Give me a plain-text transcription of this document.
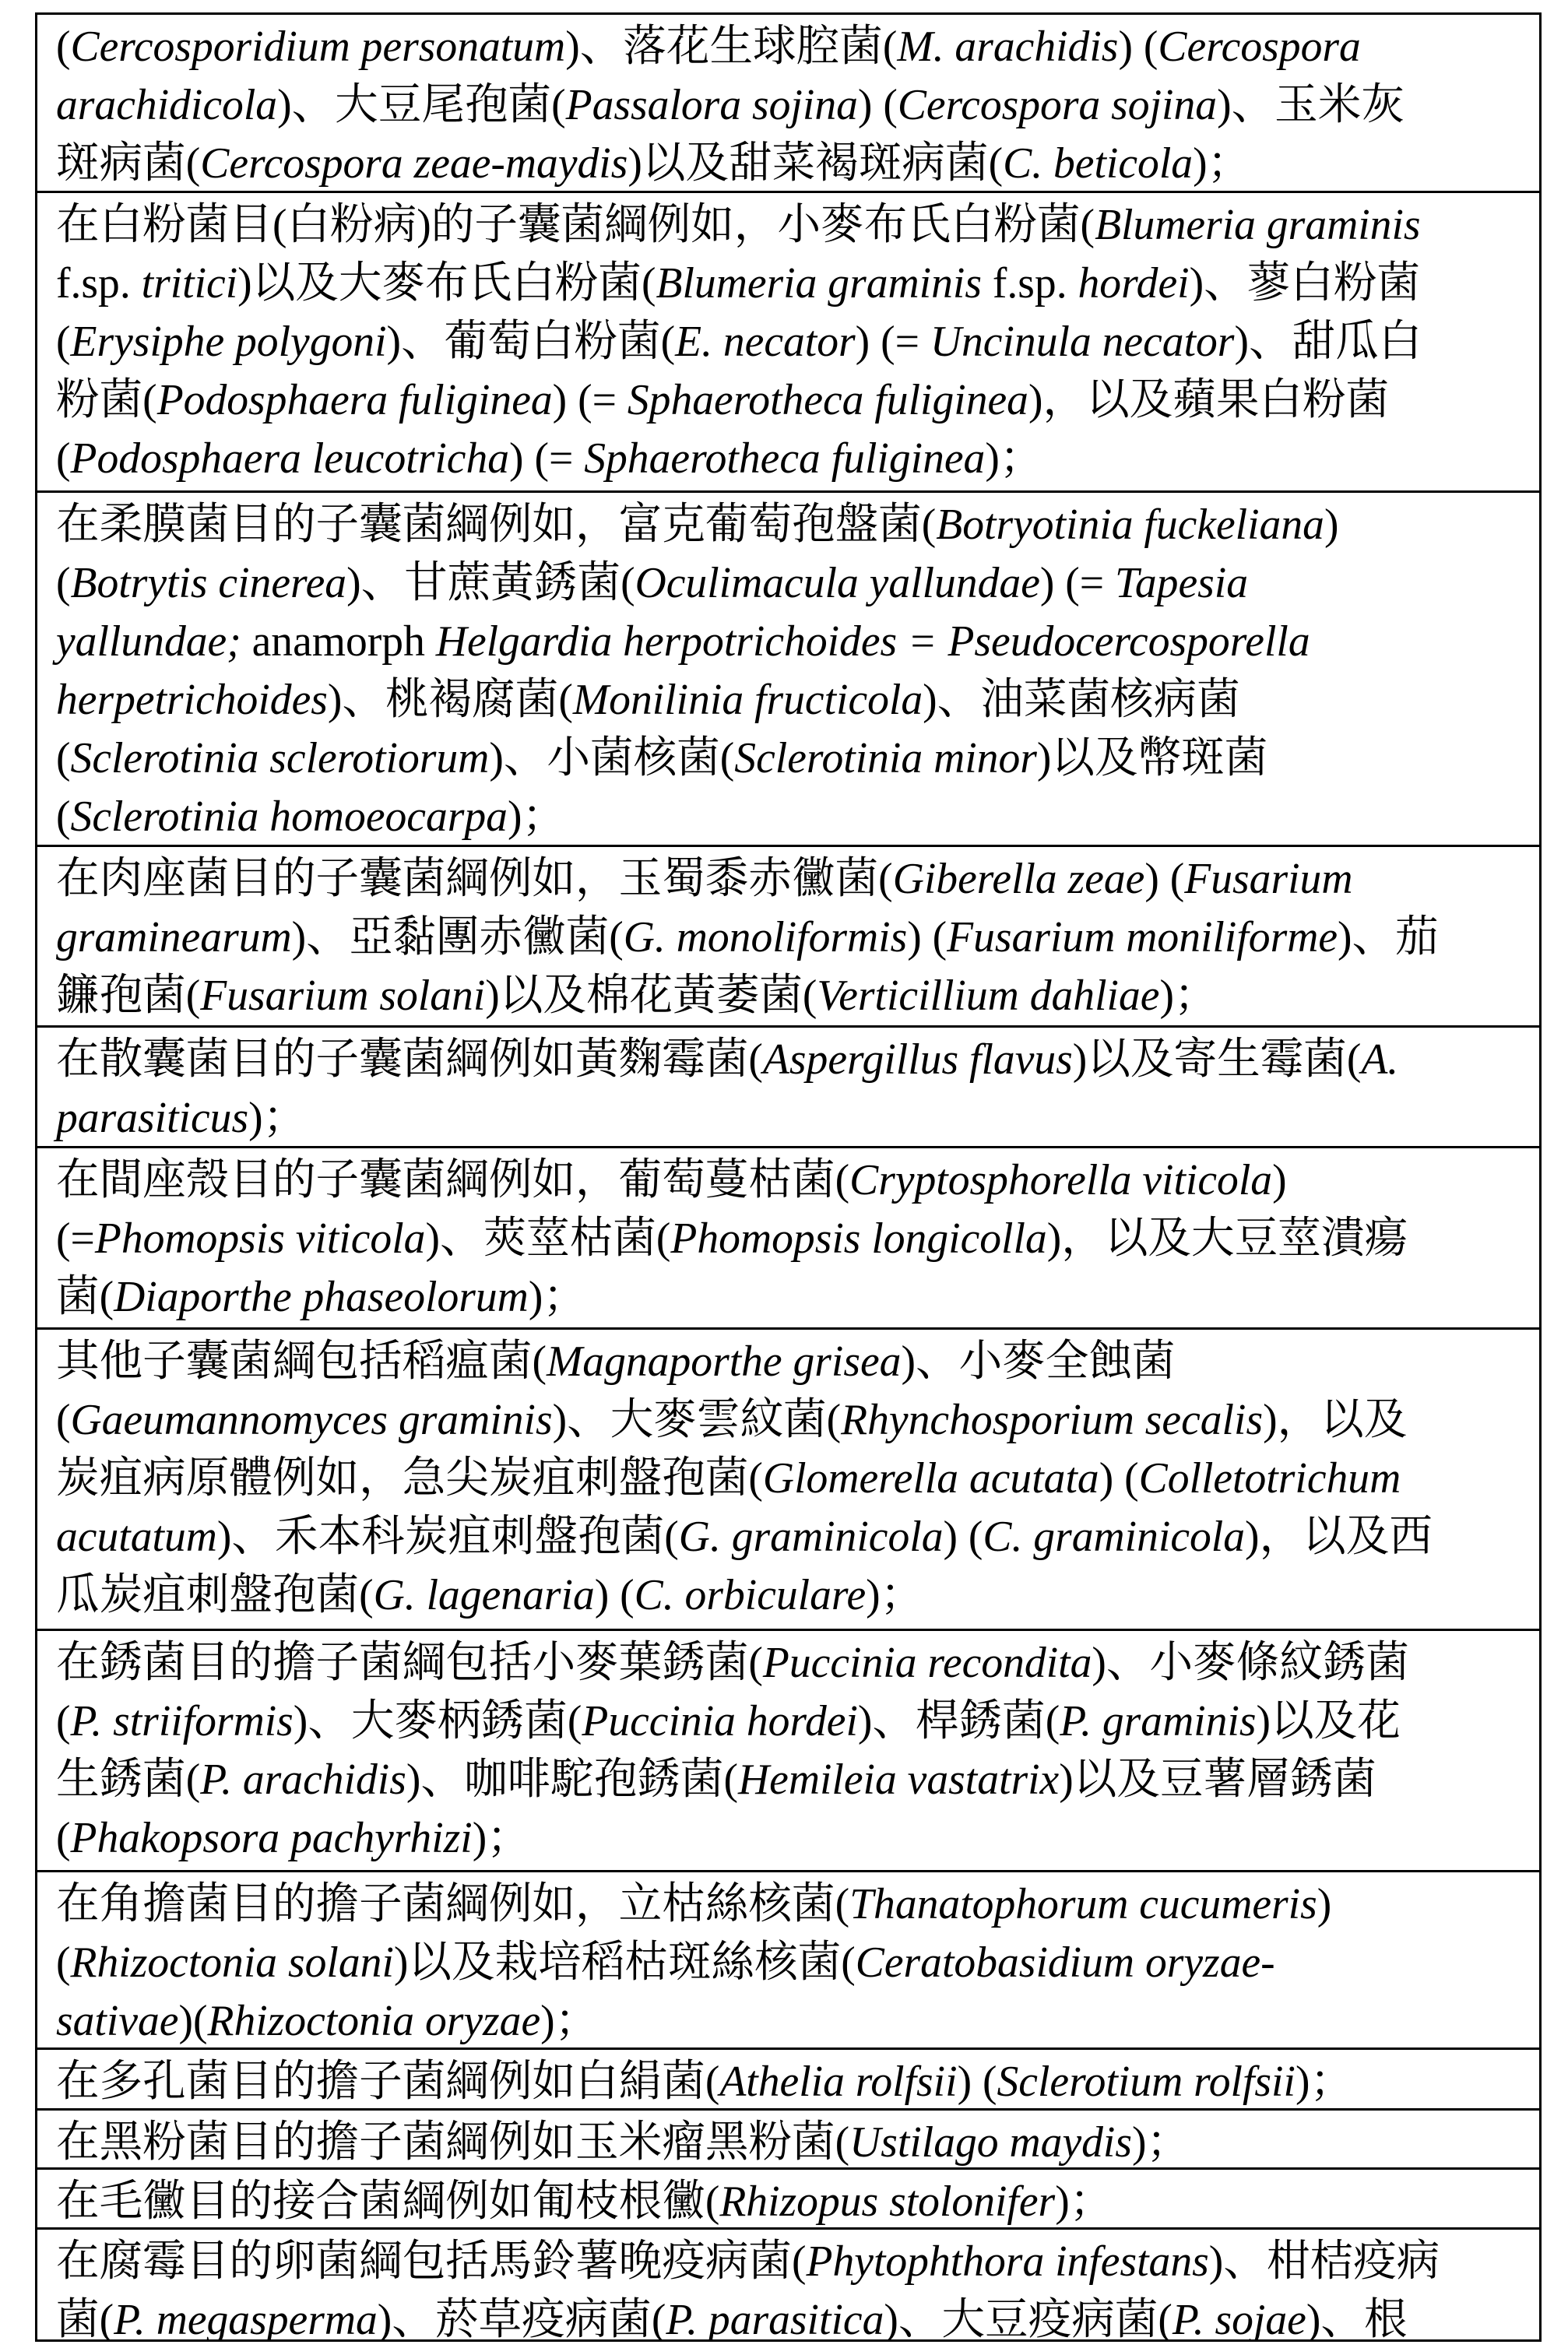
(Cercosporidium personatum)、落花生球腔菌(M. arachidis) (Cercospora
arachidicola)、大豆尾孢菌(Passalora sojina) (Cercospora sojina)、玉米灰
斑病菌(Cercospora zeae-maydis)以及甜菜褐斑病菌(C. beticola)；
在白粉菌目(白粉病)的子囊菌綱例如，小麥布氏白粉菌(Blumeria graminis
f.sp. tritici)以及大麥布氏白粉菌(Blumeria graminis f.sp. hordei)、蓼白粉菌
(Erysiphe polygoni)、葡萄白粉菌(E. necator) (= Uncinula necator)、甜瓜白
粉菌(Podosphaera fuliginea) (= Sphaerotheca fuliginea)，以及蘋果白粉菌
(Podosphaera leucotricha) (= Sphaerotheca fuliginea)；
在柔膜菌目的子囊菌綱例如，富克葡萄孢盤菌(Botryotinia fuckeliana)
(Botrytis cinerea)、甘蔗黃銹菌(Oculimacula yallundae) (= Tapesia
yallundae; anamorph Helgardia herpotrichoides = Pseudocercosporella
herpetrichoides)、桃褐腐菌(Monilinia fructicola)、油菜菌核病菌
(Sclerotinia sclerotiorum)、小菌核菌(Sclerotinia minor)以及幣斑菌
(Sclerotinia homoeocarpa)；
在肉座菌目的子囊菌綱例如，玉蜀黍赤黴菌(Giberella zeae) (Fusarium
graminearum)、亞黏團赤黴菌(G. monoliformis) (Fusarium moniliforme)、茄
鐮孢菌(Fusarium solani)以及棉花黃萎菌(Verticillium dahliae)；
在散囊菌目的子囊菌綱例如黃麴霉菌(Aspergillus flavus)以及寄生霉菌(A.
parasiticus)；
在間座殼目的子囊菌綱例如，葡萄蔓枯菌(Cryptosphorella viticola)
(=Phomopsis viticola)、莢莖枯菌(Phomopsis longicolla)，以及大豆莖潰瘍
菌(Diaporthe phaseolorum)；
其他子囊菌綱包括稻瘟菌(Magnaporthe grisea)、小麥全蝕菌
(Gaeumannomyces graminis)、大麥雲紋菌(Rhynchosporium secalis)，以及
炭疽病原體例如，急尖炭疽刺盤孢菌(Glomerella acutata) (Colletotrichum
acutatum)、禾本科炭疽刺盤孢菌(G. graminicola) (C. graminicola)，以及西
瓜炭疽刺盤孢菌(G. lagenaria) (C. orbiculare)；
在銹菌目的擔子菌綱包括小麥葉銹菌(Puccinia recondita)、小麥條紋銹菌
(P. striiformis)、大麥柄銹菌(Puccinia hordei)、桿銹菌(P. graminis)以及花
生銹菌(P. arachidis)、咖啡駝孢銹菌(Hemileia vastatrix)以及豆薯層銹菌
(Phakopsora pachyrhizi)；
在角擔菌目的擔子菌綱例如，立枯絲核菌(Thanatophorum cucumeris)
(Rhizoctonia solani)以及栽培稻枯斑絲核菌(Ceratobasidium oryzae-
sativae)(Rhizoctonia oryzae)；
在多孔菌目的擔子菌綱例如白絹菌(Athelia rolfsii) (Sclerotium rolfsii)；
在黑粉菌目的擔子菌綱例如玉米瘤黑粉菌(Ustilago maydis)；
在毛黴目的接合菌綱例如匍枝根黴(Rhizopus stolonifer)；
在腐霉目的卵菌綱包括馬鈴薯晚疫病菌(Phytophthora infestans)、柑桔疫病
菌(P. megasperma)、菸草疫病菌(P. parasitica)、大豆疫病菌(P. sojae)、根
